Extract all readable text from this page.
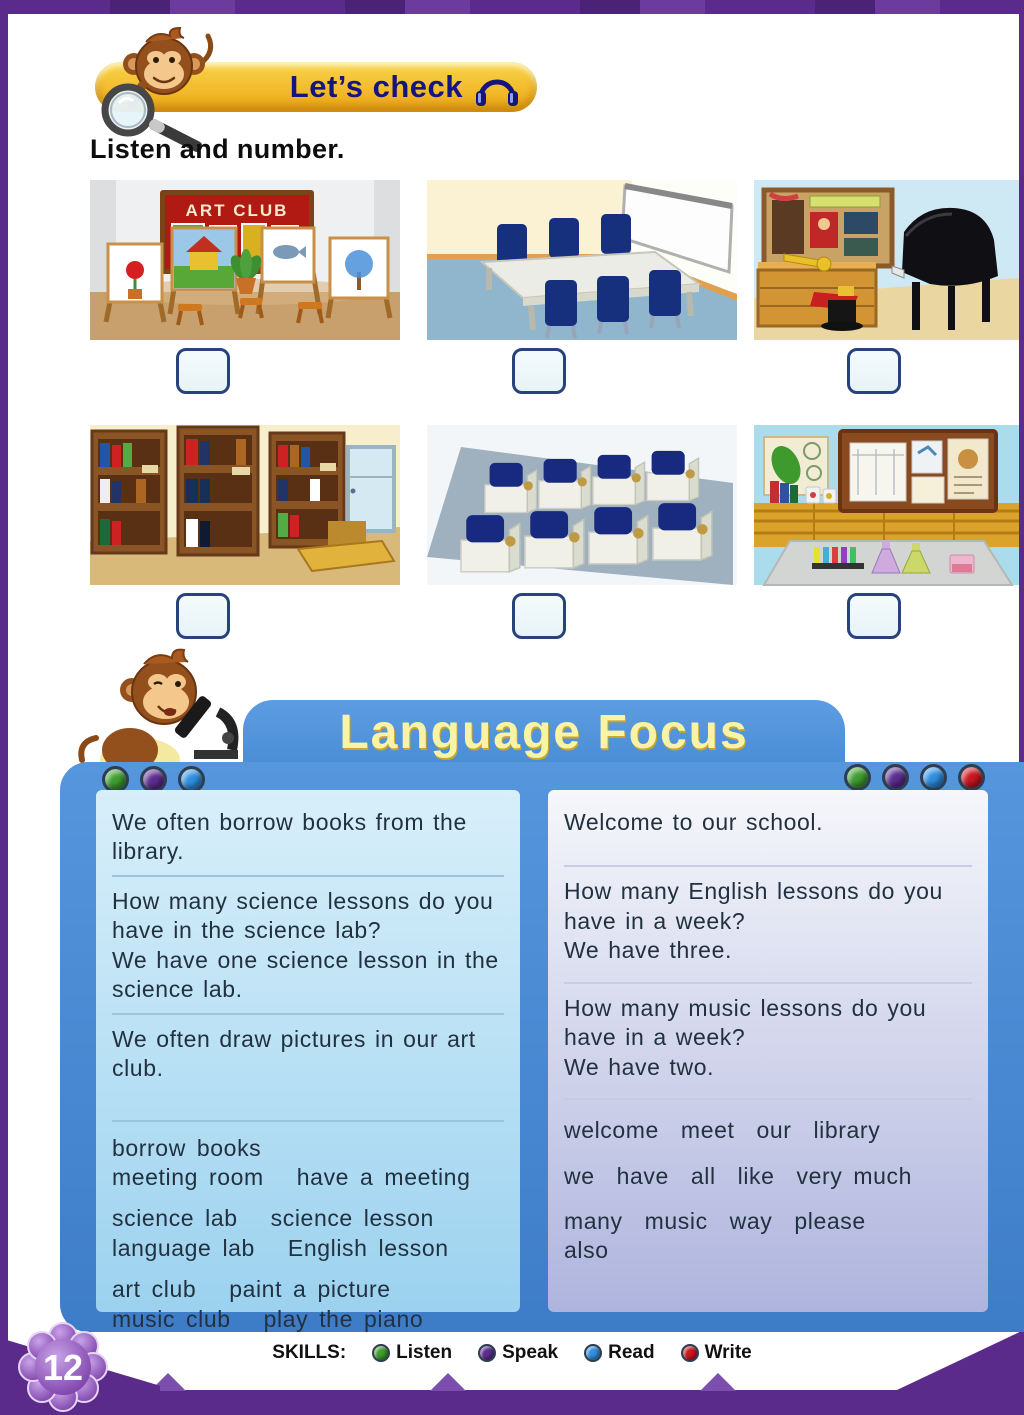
Let’s check
Listen and number.
ART CLUB
Language Focus
We often borrow books from the library.
How many science lessons do you have in the science lab?
We have one science lesson in the science lab.
We often draw pictures in our art club.
borrow books
meeting room   have a meeting
science lab   science lesson
language lab   English lesson
art club   paint a picture
music club   play the piano
Welcome to our school.
How many English lessons do you have in a week?
We have three.
How many music lessons do you have in a week?
We have two.
welcome  meet  our  library
we  have  all  like  very much
many  music  way  please
also
SKILLS:	Listen	Speak	Read	Write
12
